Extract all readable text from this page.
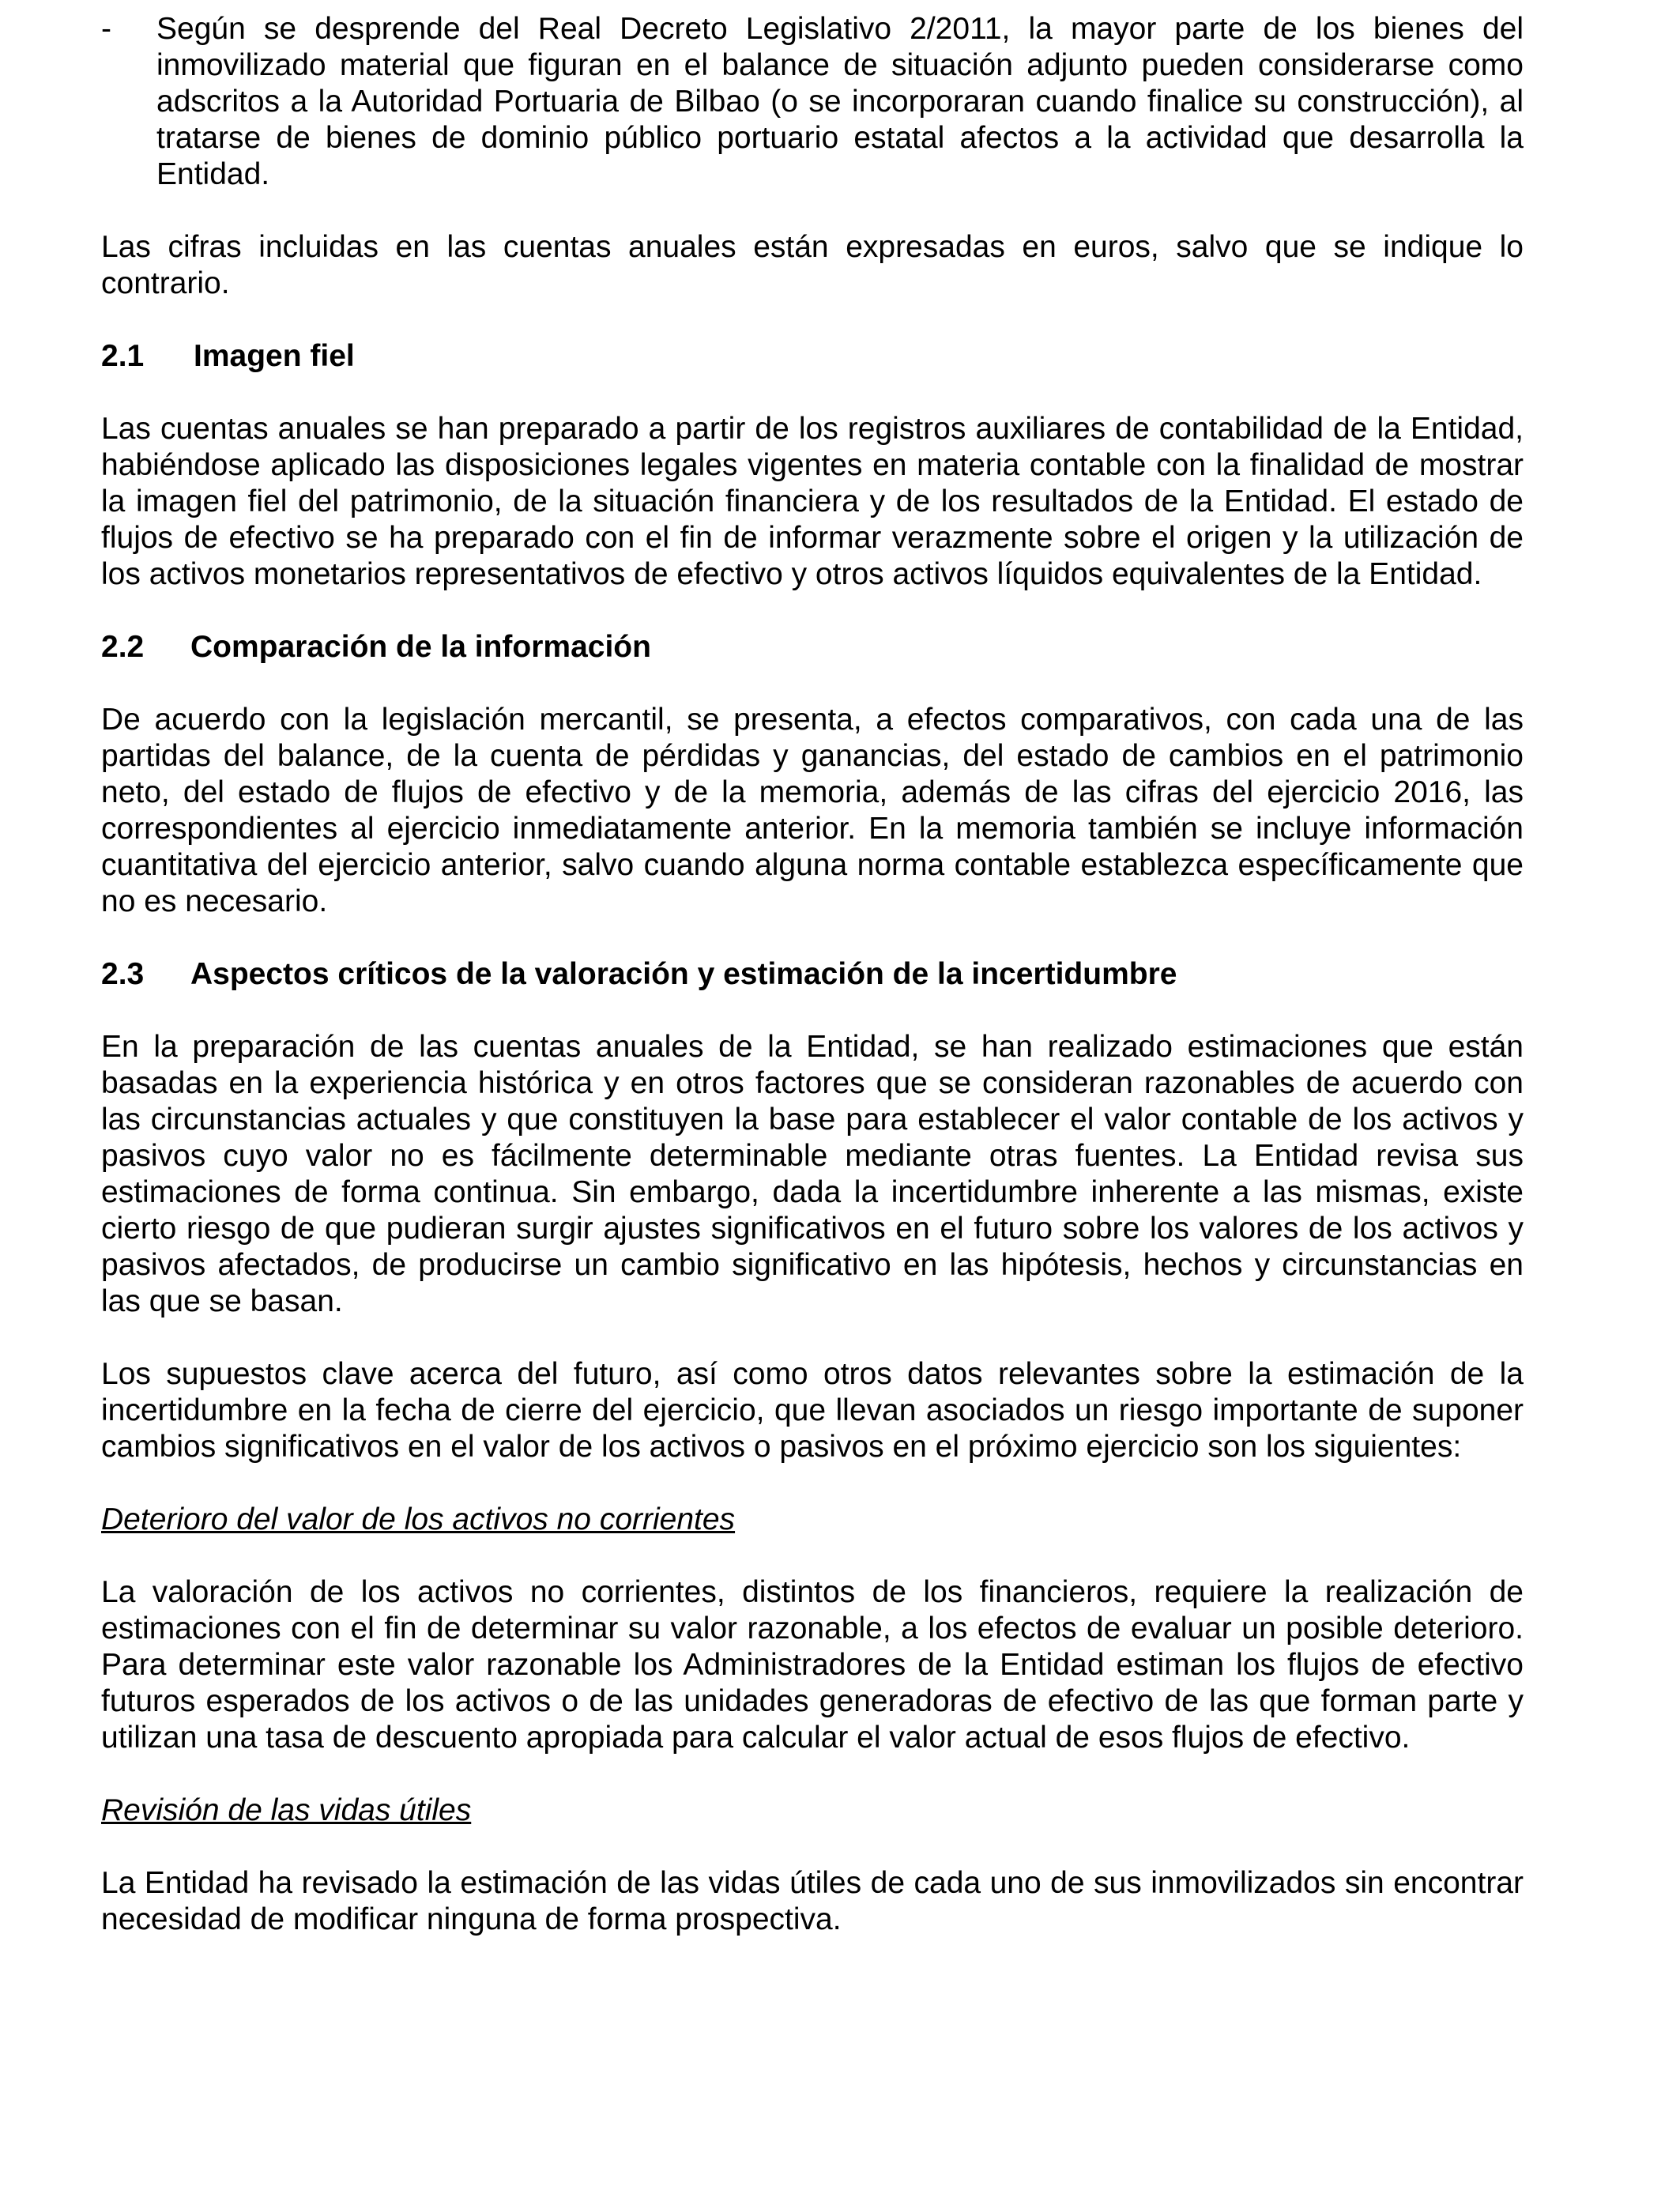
-	Según se desprende del Real Decreto Legislativo 2/2011, la mayor parte de los bienes del inmovilizado material que figuran en el balance de situación adjunto pueden considerarse como adscritos a la Autoridad Portuaria de Bilbao (o se incorporaran cuando finalice su construcción), al tratarse de bienes de dominio público portuario estatal afectos a la actividad que desarrolla la Entidad.

Las cifras incluidas en las cuentas anuales están expresadas en euros, salvo que se indique lo contrario.

2.1	Imagen fiel

Las cuentas anuales se han preparado a partir de los registros auxiliares de contabilidad de la Entidad, habiéndose aplicado las disposiciones legales vigentes en materia contable con la finalidad de mostrar la imagen fiel del patrimonio, de la situación financiera y de los resultados de la Entidad. El estado de flujos de efectivo se ha preparado con el fin de informar verazmente sobre el origen y la utilización de los activos monetarios representativos de efectivo y otros activos líquidos equivalentes de la Entidad.

2.2	Comparación de la información

De acuerdo con la legislación mercantil, se presenta, a efectos comparativos, con cada una de las partidas del balance, de la cuenta de pérdidas y ganancias, del estado de cambios en el patrimonio neto, del estado de flujos de efectivo y de la memoria, además de las cifras del ejercicio 2016, las correspondientes al ejercicio inmediatamente anterior. En la memoria también se incluye información cuantitativa del ejercicio anterior, salvo cuando alguna norma contable establezca específicamente que no es necesario.

2.3	Aspectos críticos de la valoración y estimación de la incertidumbre

En la preparación de las cuentas anuales de la Entidad, se han realizado estimaciones que están basadas en la experiencia histórica y en otros factores que se consideran razonables de acuerdo con las circunstancias actuales y que constituyen la base para establecer el valor contable de los activos y pasivos cuyo valor no es fácilmente determinable mediante otras fuentes. La Entidad revisa sus estimaciones de forma continua. Sin embargo, dada la incertidumbre inherente a las mismas, existe cierto riesgo de que pudieran surgir ajustes significativos en el futuro sobre los valores de los activos y pasivos afectados, de producirse un cambio significativo en las hipótesis, hechos y circunstancias en las que se basan.

Los supuestos clave acerca del futuro, así como otros datos relevantes sobre la estimación de la incertidumbre en la fecha de cierre del ejercicio, que llevan asociados un riesgo importante de suponer cambios significativos en el valor de los activos o pasivos en el próximo ejercicio son los siguientes:

Deterioro del valor de los activos no corrientes

La valoración de los activos no corrientes, distintos de los financieros, requiere la realización de estimaciones con el fin de determinar su valor razonable, a los efectos de evaluar un posible deterioro. Para determinar este valor razonable los Administradores de la Entidad estiman los flujos de efectivo futuros esperados de los activos o de las unidades generadoras de efectivo de las que forman parte y utilizan una tasa de descuento apropiada para calcular el valor actual de esos flujos de efectivo.

Revisión de las vidas útiles

La Entidad ha revisado la estimación de las vidas útiles de cada uno de sus inmovilizados sin encontrar necesidad de modificar ninguna de forma prospectiva.
